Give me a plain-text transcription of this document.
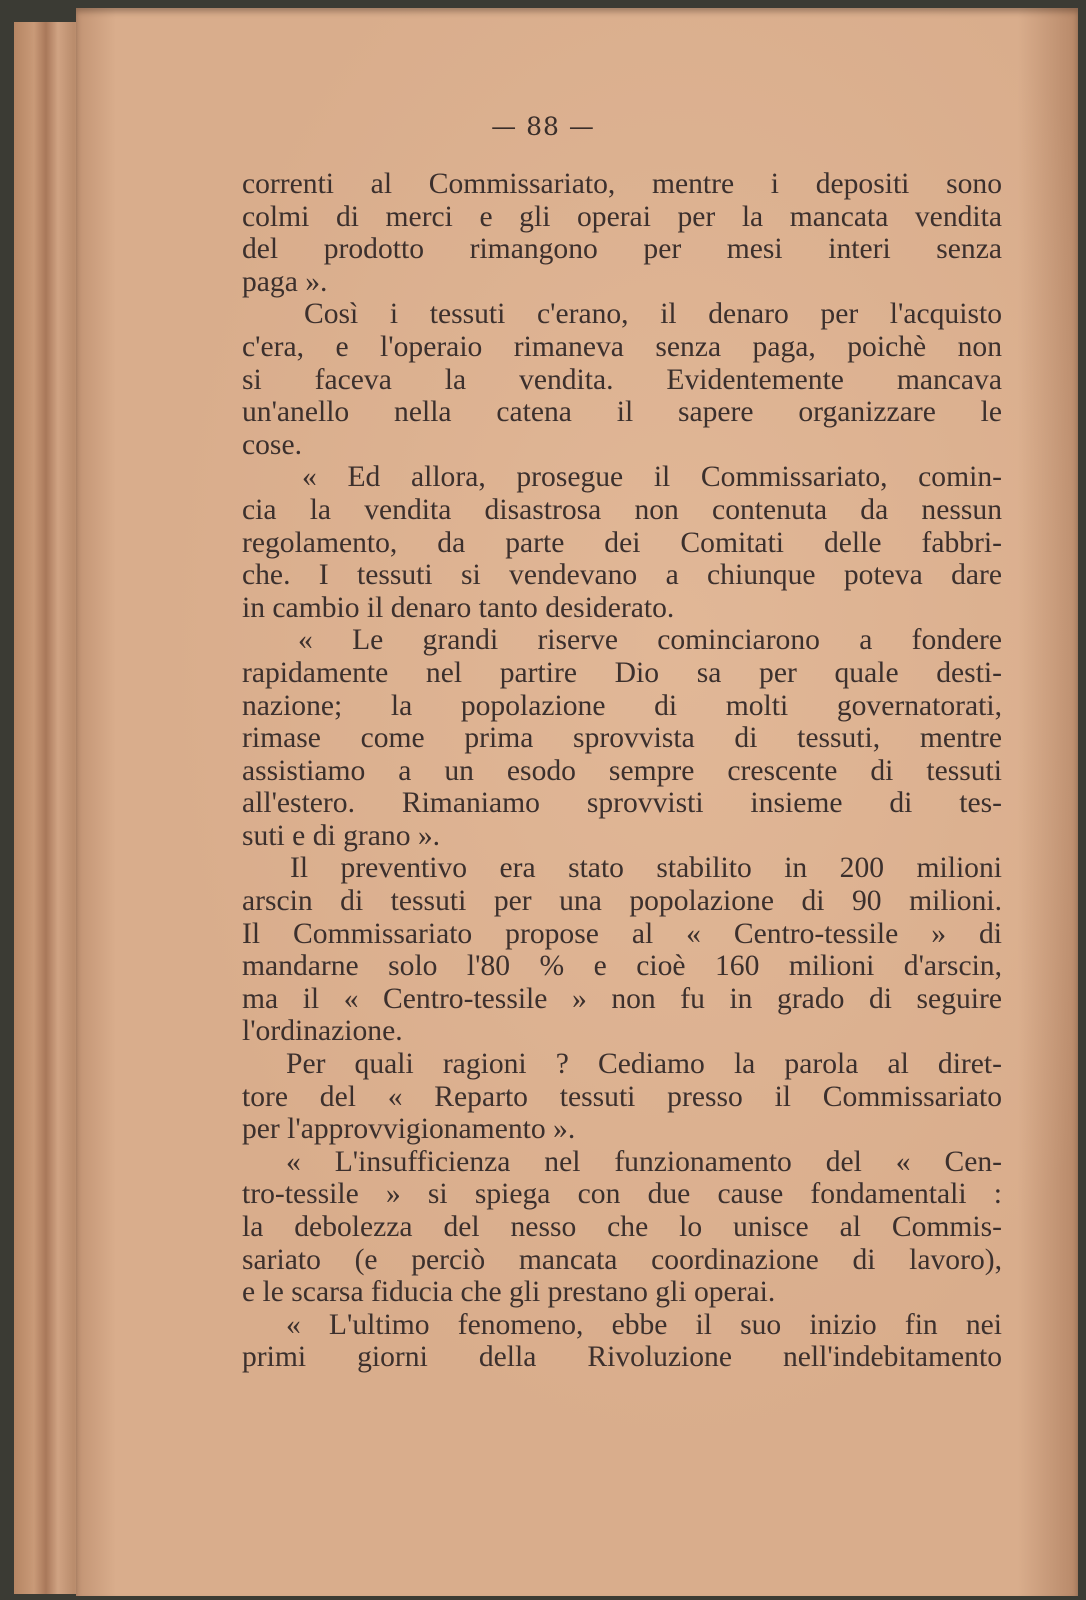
— 88 —
correnti al Commissariato, mentre i depositi sono
colmi di merci e gli operai per la mancata vendita
del prodotto rimangono per mesi interi senza
paga ».
Così i tessuti c'erano, il denaro per l'acquisto
c'era, e l'operaio rimaneva senza paga, poichè non
si faceva la vendita. Evidentemente mancava
un'anello nella catena il sapere organizzare le
cose.
« Ed allora, prosegue il Commissariato, comin-
cia la vendita disastrosa non contenuta da nessun
regolamento, da parte dei Comitati delle fabbri-
che. I tessuti si vendevano a chiunque poteva dare
in cambio il denaro tanto desiderato.
« Le grandi riserve cominciarono a fondere
rapidamente nel partire Dio sa per quale desti-
nazione; la popolazione di molti governatorati,
rimase come prima sprovvista di tessuti, mentre
assistiamo a un esodo sempre crescente di tessuti
all'estero. Rimaniamo sprovvisti insieme di tes-
suti e di grano ».
Il preventivo era stato stabilito in 200 milioni
arscin di tessuti per una popolazione di 90 milioni.
Il Commissariato propose al « Centro-tessile » di
mandarne solo l'80 % e cioè 160 milioni d'arscin,
ma il « Centro-tessile » non fu in grado di seguire
l'ordinazione.
Per quali ragioni ? Cediamo la parola al diret-
tore del « Reparto tessuti presso il Commissariato
per l'approvvigionamento ».
« L'insufficienza nel funzionamento del « Cen-
tro-tessile » si spiega con due cause fondamentali :
la debolezza del nesso che lo unisce al Commis-
sariato (e perciò mancata coordinazione di lavoro),
e le scarsa fiducia che gli prestano gli operai.
« L'ultimo fenomeno, ebbe il suo inizio fin nei
primi giorni della Rivoluzione nell'indebitamento
